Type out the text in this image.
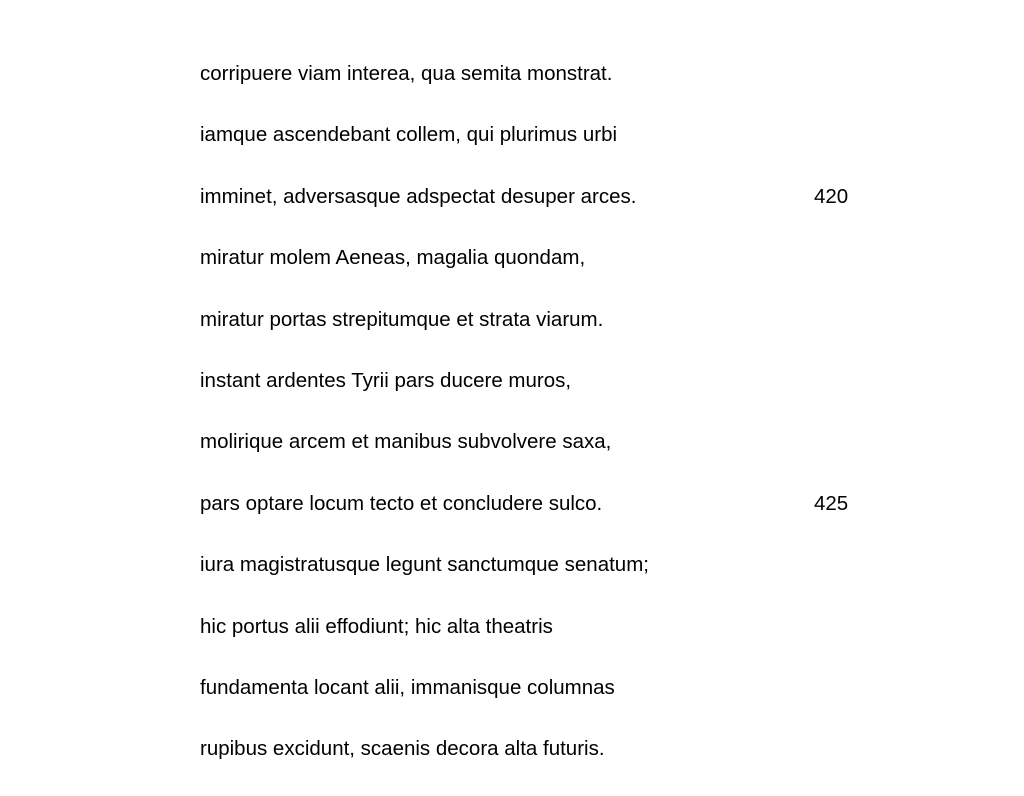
corripuere viam interea, qua semita monstrat.
iamque ascendebant collem, qui plurimus urbi
imminet, adversasque adspectat desuper arces.	420
miratur molem Aeneas, magalia quondam,
miratur portas strepitumque et strata viarum.
instant ardentes Tyrii pars ducere muros,
molirique arcem et manibus subvolvere saxa,
pars optare locum tecto et concludere sulco.	425
iura magistratusque legunt sanctumque senatum;
hic portus alii effodiunt; hic alta theatris
fundamenta locant alii, immanisque columnas
rupibus excidunt, scaenis decora alta futuris.
